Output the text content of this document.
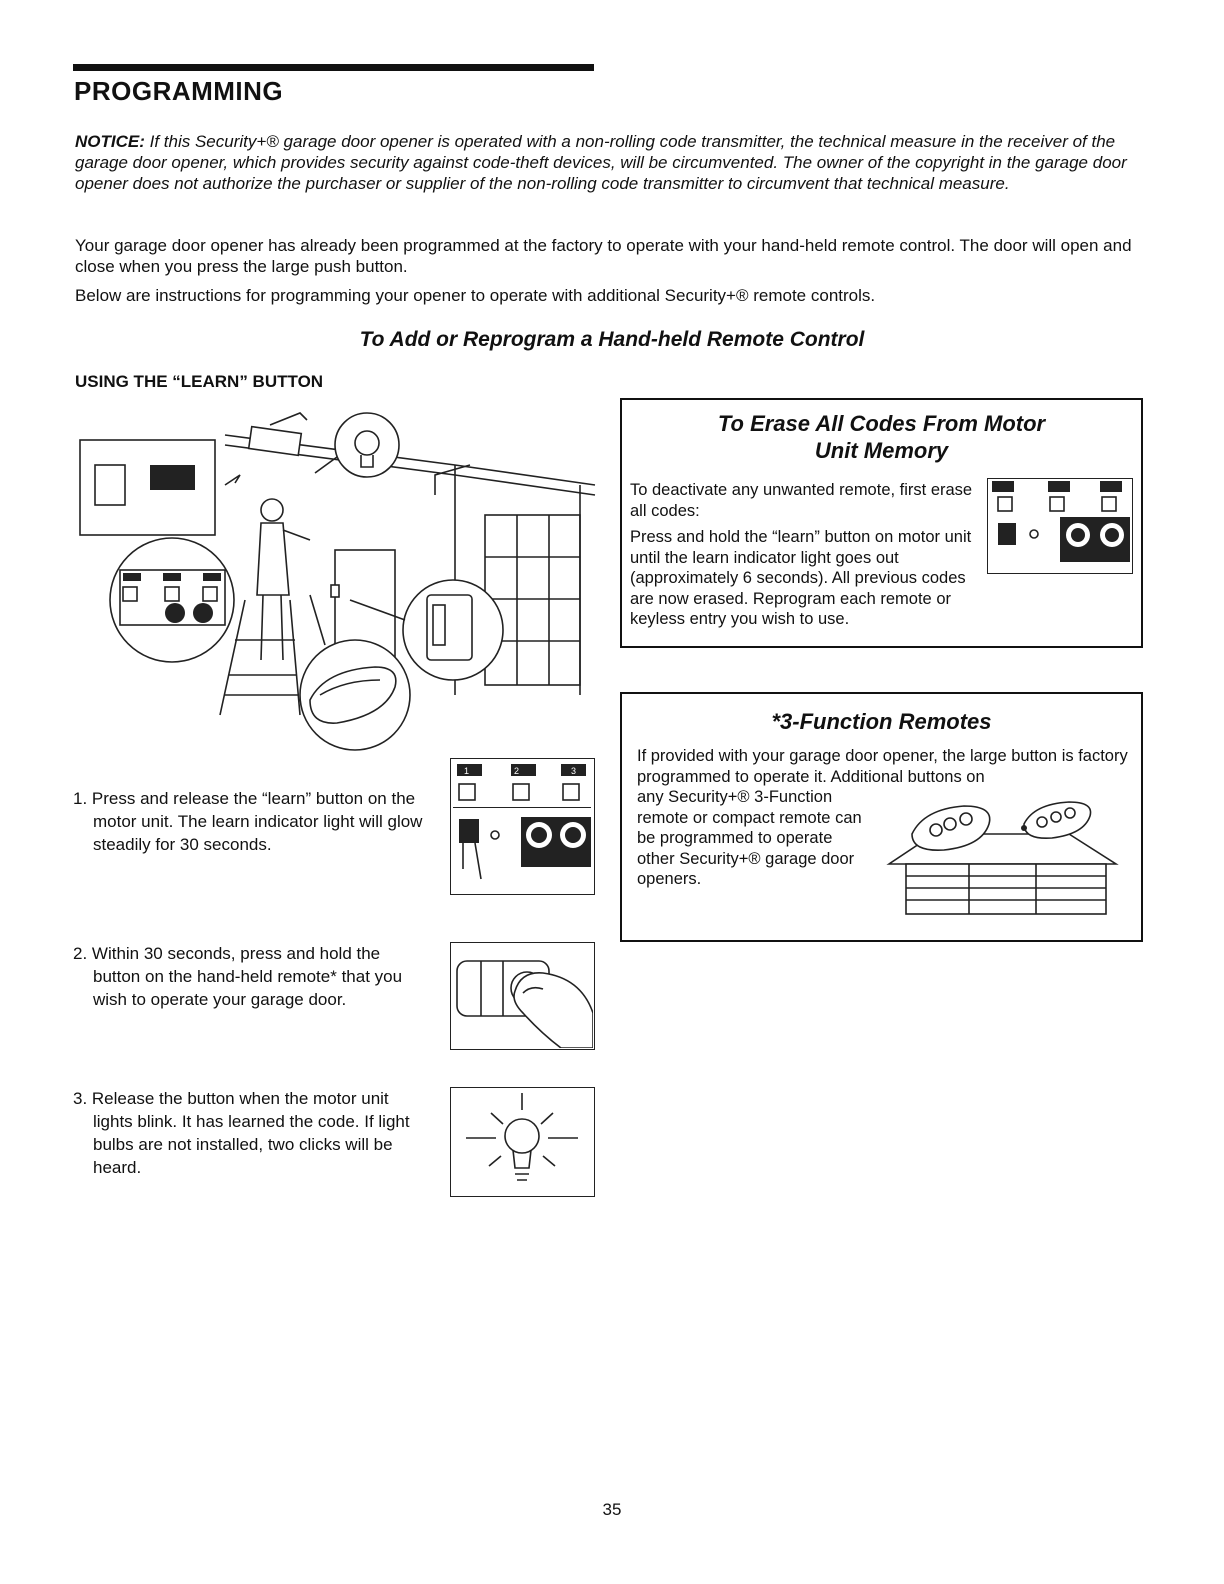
PROGRAMMING

NOTICE: If this Security+® garage door opener is operated with a non-rolling code transmitter, the technical measure in the receiver of the garage door opener, which provides security against code-theft devices, will be circumvented. The owner of the copyright in the garage door opener does not authorize the purchaser or supplier of the non-rolling code transmitter to circumvent that technical measure.

Your garage door opener has already been programmed at the factory to operate with your hand-held remote control. The door will open and close when you press the large push button.

Below are instructions for programming your opener to operate with additional Security+® remote controls.

To Add or Reprogram a Hand-held Remote Control
USING THE “LEARN” BUTTON

1. Press and release the “learn” button on the motor unit. The learn indicator light will glow steadily for 30 seconds.

2. Within 30 seconds, press and hold the button on the hand-held remote* that you wish to operate your garage door.

3. Release the button when the motor unit lights blink. It has learned the code. If light bulbs are not installed, two clicks will be heard.

2
1	3

To Erase All Codes From Motor

Unit Memory

To deactivate any unwanted remote, first erase all codes:

Press and hold the “learn” button on motor unit until the learn indicator light goes out (approximately 6 seconds). All previous codes are now erased. Reprogram each remote or keyless entry you wish to use.

*3-Function Remotes

If provided with your garage door opener, the large button is factory programmed to operate it. Additional buttons on

any Security+® 3-Function remote or compact remote can be programmed to operate other Security+® garage door openers.

35
